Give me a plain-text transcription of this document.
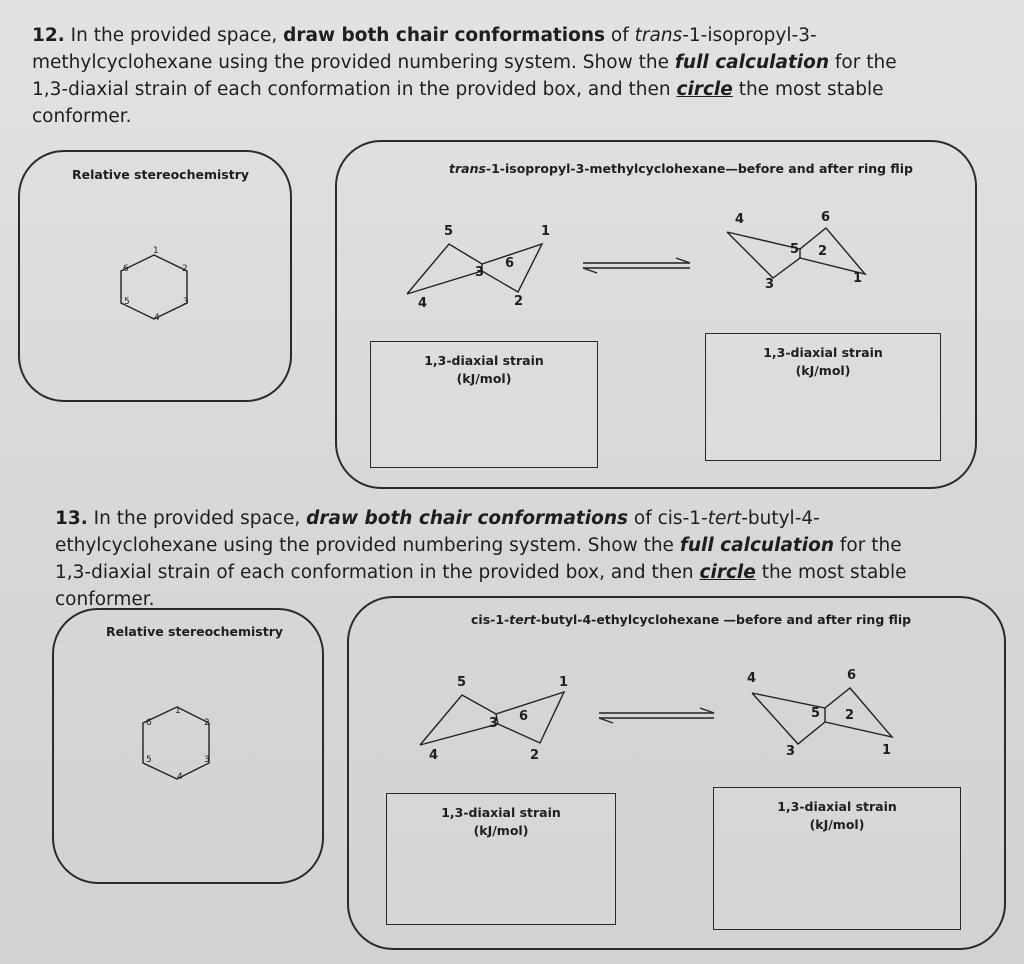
12. In the provided space, draw both chair conformations of trans-1-isopropyl-3-methylcyclohexane using the provided numbering system. Show the full calculation for the 1,3-diaxial strain of each conformation in the provided box, and then circle the most stable conformer.
Relative stereochemistry
1
2
3
4
5
6
trans-1-isopropyl-3-methylcyclohexane—before and after ring flip
5	1
3
6
4	2
4	6
5 2
3	1
1,3-diaxial strain
(kJ/mol)
1,3-diaxial strain
(kJ/mol)
13. In the provided space, draw both chair conformations of cis-1-tert-butyl-4-ethylcyclohexane using the provided numbering system. Show the full calculation for the 1,3-diaxial strain of each conformation in the provided box, and then circle the most stable conformer.
Relative stereochemistry
1
2
3
4
5
6
cis-1-tert-butyl-4-ethylcyclohexane —before and after ring flip
5	1
3 6
4	2
4	6
5 2
3	1
1,3-diaxial strain
(kJ/mol)
1,3-diaxial strain
(kJ/mol)
